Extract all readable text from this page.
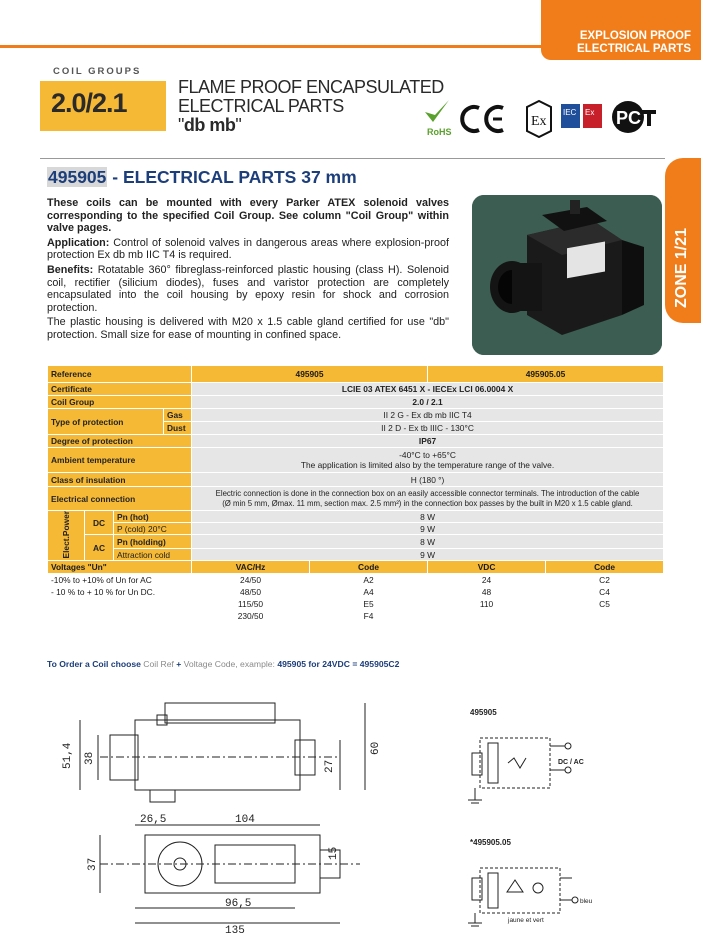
EXPLOSION PROOF
ELECTRICAL PARTS
COIL GROUPS
2.0/2.1
FLAME PROOF ENCAPSULATED
ELECTRICAL PARTS
"db mb"	RoHS
Ex
IEC Ex PC
ZONE 1/21
495905 - ELECTRICAL PARTS 37 mm

These coils can be mounted with every Parker ATEX solenoid valves corresponding to the specified Coil Group. See column "Coil Group" within valve pages.

Application: Control of solenoid valves in dangerous areas where explosion-proof protection Ex db mb IIC T4 is required.

Benefits: Rotatable 360° fibreglass-reinforced plastic housing (class H). Solenoid coil, rectifier (silicium diodes), fuses and varistor protection are completely encapsulated into the coil housing by epoxy resin for shock and corrosion protection.

The plastic housing is delivered with M20 x 1.5 cable gland certified for use "db" protection. Small size for ease of mounting in confined space.

Reference				495905		495905.05	
Certificate				LCIE 03 ATEX 6451 X - IECEx LCI 06.0004 X			
Coil Group				2.0 / 2.1			
Type of protection			Gas	II 2 G - Ex db mb IIC T4			
			Dust	II 2 D - Ex tb IIIC - 130°C			
Degree of protection				IP67			
Ambient temperature				-40°C to +65°C
The application is limited also by the temperature range of the valve.			

Class of insulation				H (180 °)			
Electrical connection				Electric connection is done in the connection box on an easily accessible connector terminals. The introduction of the cable
(Ø min 5 mm, Ømax. 11 mm, section max. 2.5 mm²) in the connection box passes by the built in M20 x 1.5 cable gland.			

Elect.Power	DC	Pn (hot)		8 W			
		P (cold) 20°C		9 W			
	AC	Pn (holding)		8 W			
		Attraction cold		9 W			
Voltages "Un"				VAC/Hz	Code	VDC	Code
-10% to +10% of Un for AC				24/50	A2	24	C2
- 10 % to + 10 % for Un DC.				48/50	A4	48	C4
				115/50	E5	110	C5
				230/50	F4		
To Order a Coil choose Coil Ref + Voltage Code, example: 495905 for 24VDC = 495905C2
51,4 38
60
27
26,5	104
15
37
96,5
135
495905
*495905.05
DC / AC
bleu
jaune et vert
